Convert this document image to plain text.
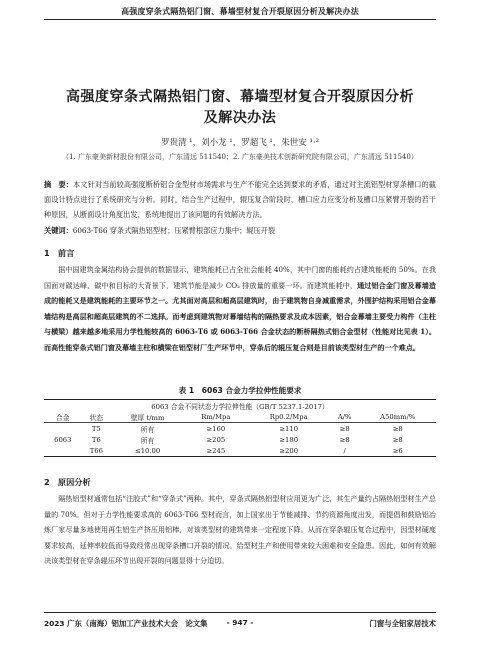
高强度穿条式隔热铝门窗、幕墙型材复合开裂原因分析及解决办法
高强度穿条式隔热铝门窗、幕墙型材复合开裂原因分析
及解决办法
罗贵清 ¹，刘小龙 ¹，罗超飞 ¹，朱世安 ¹·²
（1. 广东豪美新材股份有限公司，广东清远 511540；2. 广东豪美技术创新研究院有限公司，广东清远 511540）
摘　要：本文针对当前较高强度断桥铝合金型材市场需求与生产不能完全达到要求的矛盾，通过对主流铝型材穿条槽口的截面设计特点进行了系统研究与分析。同时，结合生产过程中，辊压复合阶段时，槽口应力应变分析及槽口压紧臂开裂的若干种原因，从断面设计角度出发，系统地提出了该问题的有效解决方法。
关键词：6063-T66 穿条式隔热铝型材；压紧臂根部应力集中；辊压开裂
1　前言
据中国建筑金属结构协会提供的数据显示，建筑能耗已占全社会能耗 40%，其中门窗的能耗约占建筑能耗的 50%。在我国面对碳达峰、碳中和目标的大背景下，建筑节能是减少 CO₂ 排放量的重要一环。而建筑能耗中，通过铝合金门窗及幕墙造成的能耗又是建筑能耗的主要环节之一。尤其面对高层和超高层建筑时，由于建筑物自身减重需求，外围护结构采用铝合金幕墙结构是高层和超高层建筑的不二选择。而考虑到建筑物对幕墙结构的隔热要求及成本因素，铝合金幕墙主要受力构件（主柱与横梁）越来越多地采用力学性能较高的 6063-T6 或 6063-T66 合金状态的断桥隔热式铝合金型材（性能对比见表 1）。而高性能穿条式铝门窗及幕墙主柱和横梁在铝型材厂生产环节中，穿条后的辊压复合则是目前该类型材生产的一个难点。
表 1　6063 合金力学拉伸性能要求
6063 合金不同状态力学拉伸性能（GB/T 5237.1-2017）						
合金	状态	壁厚 t/mm	Rm/Mpa	Rp0.2/Mpa	A/%	A50mm/%
	T5	所有	≥160	≥110	≥8	≥8
6063	T6	所有	≥205	≥180	≥8	≥8
	T66	≤10.00	≥245	≥200	/	≥6
2　原因分析
隔热铝型材通常包括“注胶式”和“穿条式”两种。其中，穿条式隔热铝型材应用更为广泛，其生产量约占隔热铝型材生产总量的 70%。但对于力学性能要求高的 6063-T66 型材而言，加上国家出于节能减排、节约资源角度出发，而提倡和鼓励铝冶炼厂家尽量多地使用再生铝生产挤压用铝棒，对该类型材的建筑带来一定程度下降。从而在穿条辊压复合过程中，因型材硬度要求较高，延伸率较低而导致经常出现穿条槽口开裂的情况。给型材生产和使用带来较大困难和安全隐患。因此，如何有效解决该类型材在穿条辊压环节出现开裂的问题显得十分迫切。
2023 广东（南海）铝加工产业技术大会　论文集	- 947 -	门窗与全铝家居技术
